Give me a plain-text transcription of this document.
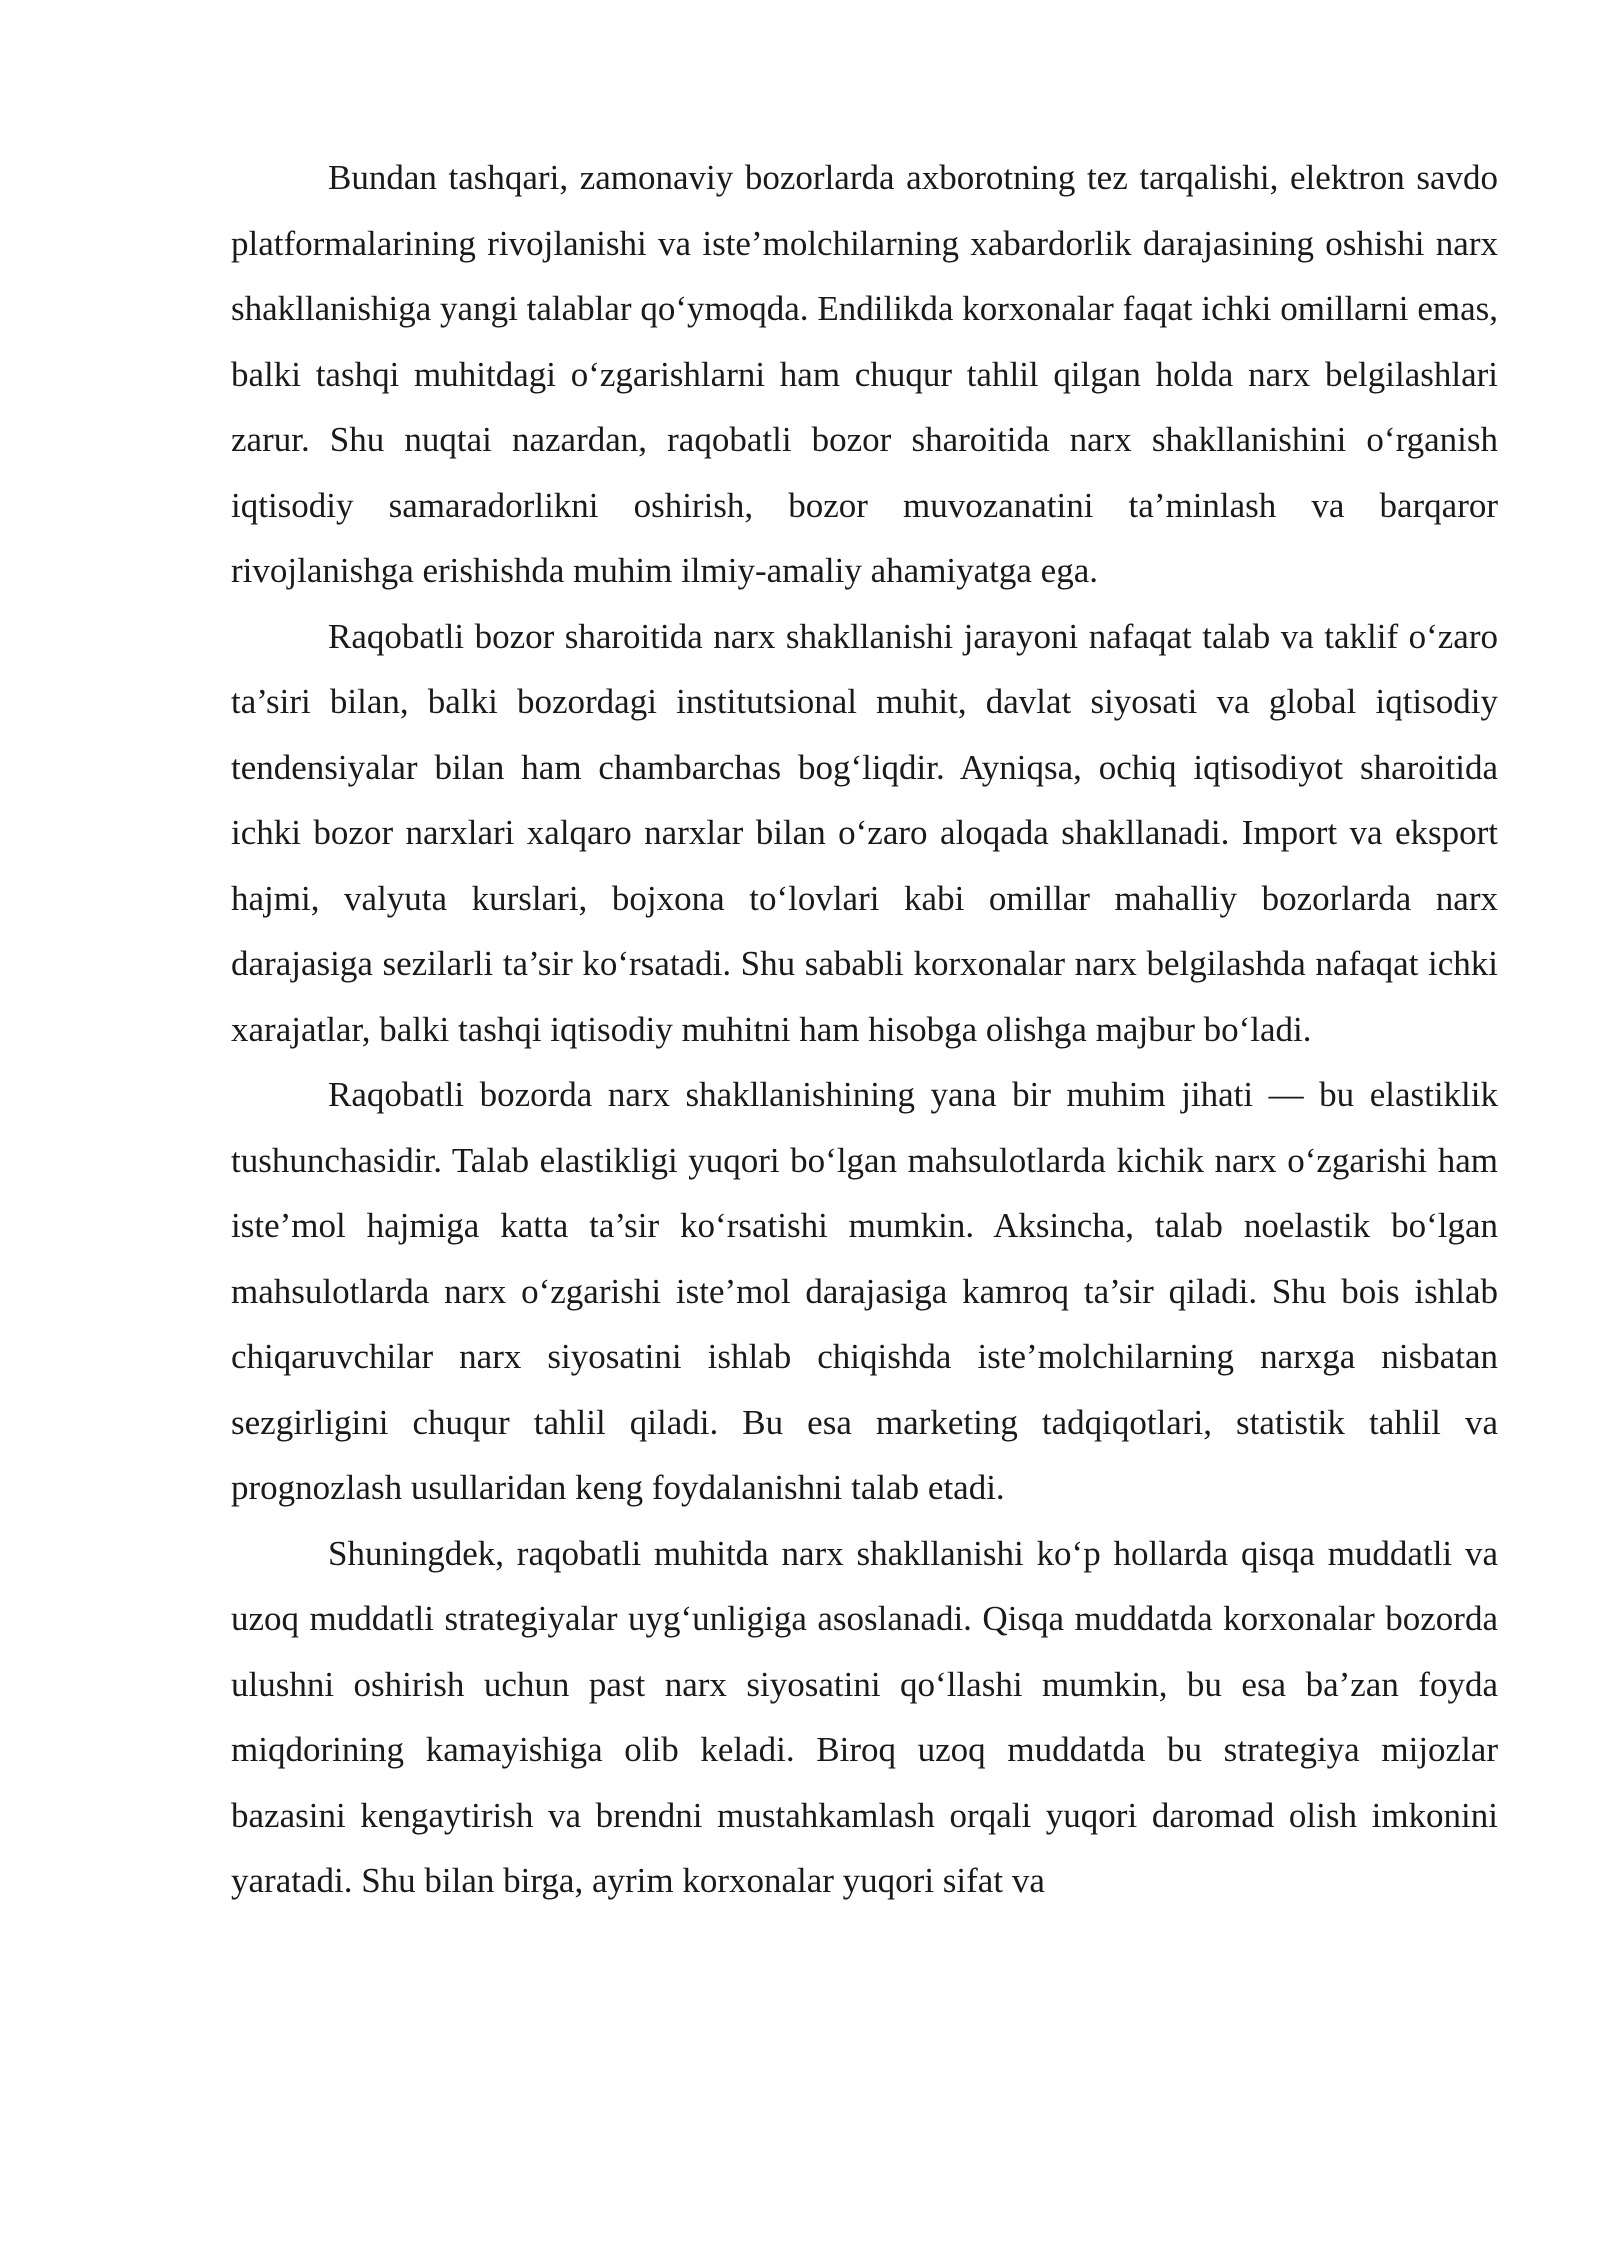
Bundan tashqari, zamonaviy bozorlarda axborotning tez tarqalishi, elektron savdo platformalarining rivojlanishi va iste’molchilarning xabardorlik darajasining oshishi narx shakllanishiga yangi talablar qo‘ymoqda. Endilikda korxonalar faqat ichki omillarni emas, balki tashqi muhitdagi o‘zgarishlarni ham chuqur tahlil qilgan holda narx belgilashlari zarur. Shu nuqtai nazardan, raqobatli bozor sharoitida narx shakllanishini o‘rganish iqtisodiy samaradorlikni oshirish, bozor muvozanatini ta’minlash va barqaror rivojlanishga erishishda muhim ilmiy-amaliy ahamiyatga ega.

Raqobatli bozor sharoitida narx shakllanishi jarayoni nafaqat talab va taklif o‘zaro ta’siri bilan, balki bozordagi institutsional muhit, davlat siyosati va global iqtisodiy tendensiyalar bilan ham chambarchas bog‘liqdir. Ayniqsa, ochiq iqtisodiyot sharoitida ichki bozor narxlari xalqaro narxlar bilan o‘zaro aloqada shakllanadi. Import va eksport hajmi, valyuta kurslari, bojxona to‘lovlari kabi omillar mahalliy bozorlarda narx darajasiga sezilarli ta’sir ko‘rsatadi. Shu sababli korxonalar narx belgilashda nafaqat ichki xarajatlar, balki tashqi iqtisodiy muhitni ham hisobga olishga majbur bo‘ladi.

Raqobatli bozorda narx shakllanishining yana bir muhim jihati — bu elastiklik tushunchasidir. Talab elastikligi yuqori bo‘lgan mahsulotlarda kichik narx o‘zgarishi ham iste’mol hajmiga katta ta’sir ko‘rsatishi mumkin. Aksincha, talab noelastik bo‘lgan mahsulotlarda narx o‘zgarishi iste’mol darajasiga kamroq ta’sir qiladi. Shu bois ishlab chiqaruvchilar narx siyosatini ishlab chiqishda iste’molchilarning narxga nisbatan sezgirligini chuqur tahlil qiladi. Bu esa marketing tadqiqotlari, statistik tahlil va prognozlash usullaridan keng foydalanishni talab etadi.

Shuningdek, raqobatli muhitda narx shakllanishi ko‘p hollarda qisqa muddatli va uzoq muddatli strategiyalar uyg‘unligiga asoslanadi. Qisqa muddatda korxonalar bozorda ulushni oshirish uchun past narx siyosatini qo‘llashi mumkin, bu esa ba’zan foyda miqdorining kamayishiga olib keladi. Biroq uzoq muddatda bu strategiya mijozlar bazasini kengaytirish va brendni mustahkamlash orqali yuqori daromad olish imkonini yaratadi. Shu bilan birga, ayrim korxonalar yuqori sifat va
